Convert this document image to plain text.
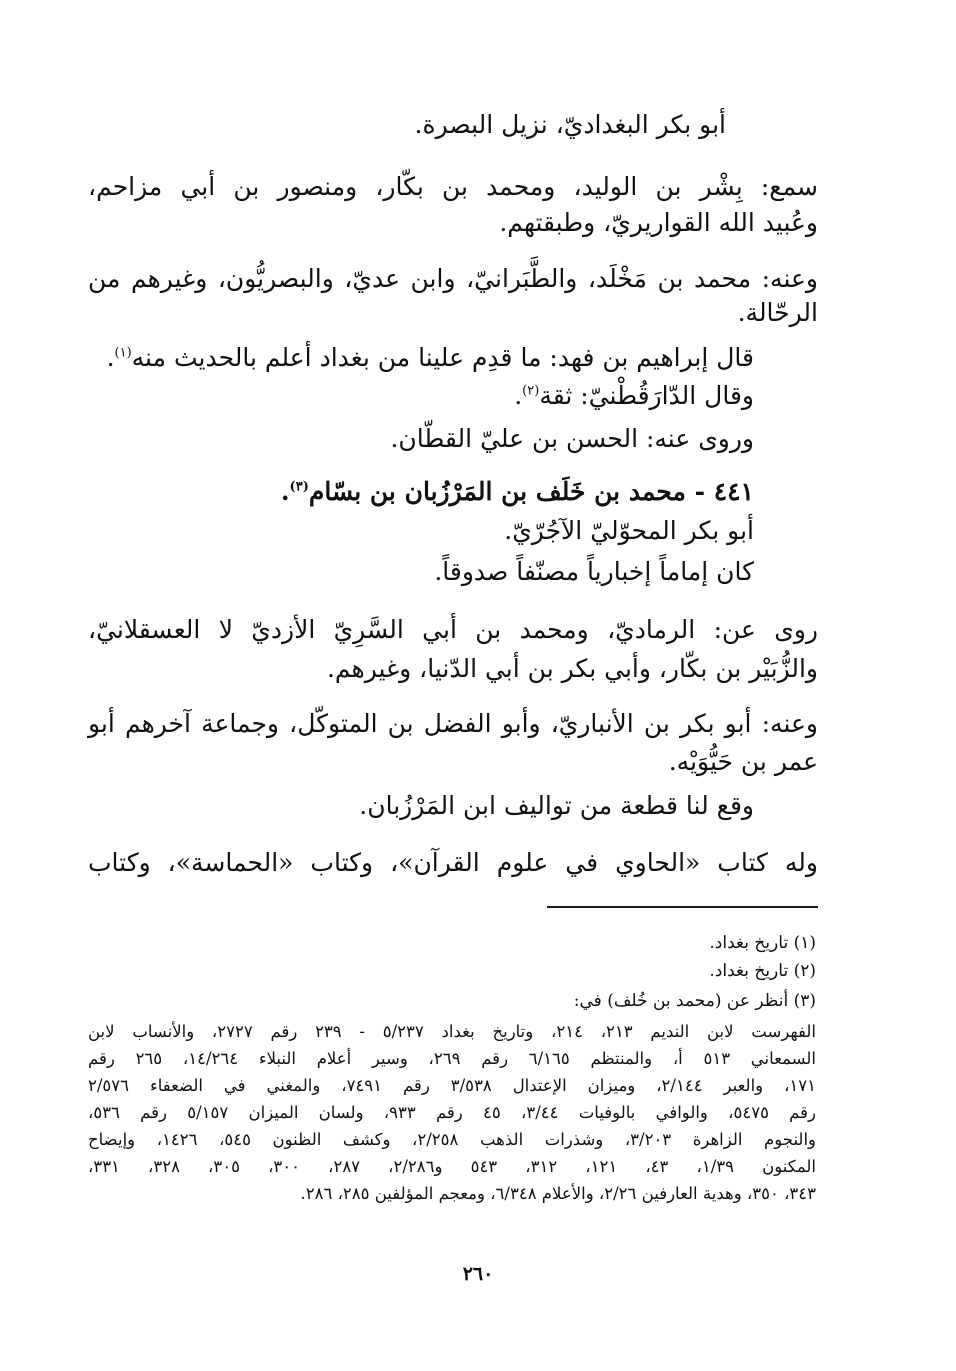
أبو بكر البغداديّ، نزيل البصرة.
سمع: بِشْر بن الوليد، ومحمد بن بكّار، ومنصور بن أبي مزاحم،
وعُبيد الله القواريريّ، وطبقتهم.
وعنه: محمد بن مَخْلَد، والطَّبَرانيّ، وابن عديّ، والبصريُّون، وغيرهم من
الرحّالة.
قال إبراهيم بن فهد: ما قدِم علينا من بغداد أعلم بالحديث منه$^{(١)}$.
وقال الدّارَقُطْنيّ: ثقة$^{(٢)}$.
وروى عنه: الحسن بن عليّ القطّان.
٤٤١ - محمد بن خَلَف بن المَرْزُبان بن بسّام$^{(٣)}$.
أبو بكر المحوّليّ الآجُرّيّ.
كان إماماً إخبارياً مصنّفاً صدوقاً.
روى عن: الرماديّ، ومحمد بن أبي السَّرِيّ الأزديّ لا العسقلانيّ،
والزُّبَيْر بن بكّار، وأبي بكر بن أبي الدّنيا، وغيرهم.
وعنه: أبو بكر بن الأنباريّ، وأبو الفضل بن المتوكّل، وجماعة آخرهم أبو
عمر بن حَيُّوَيْه.
وقع لنا قطعة من تواليف ابن المَرْزُبان.
وله كتاب «الحاوي في علوم القرآن»، وكتاب «الحماسة»، وكتاب
(١) تاريخ بغداد.
(٢) تاريخ بغداد.
(٣) أنظر عن (محمد بن خُلف) في:
الفهرست لابن النديم ٢١٣، ٢١٤، وتاريخ بغداد ٥/٢٣٧ - ٢٣٩ رقم ٢٧٢٧، والأنساب لابن
السمعاني ٥١٣ أ، والمنتظم ٦/١٦٥ رقم ٢٦٩، وسير أعلام النبلاء ١٤/٢٦٤، ٢٦٥ رقم
١٧١، والعبر ٢/١٤٤، وميزان الإعتدال ٣/٥٣٨ رقم ٧٤٩١، والمغني في الضعفاء ٢/٥٧٦
رقم ٥٤٧٥، والوافي بالوفيات ٣/٤٤، ٤٥ رقم ٩٣٣، ولسان الميزان ٥/١٥٧ رقم ٥٣٦،
والنجوم الزاهرة ٣/٢٠٣، وشذرات الذهب ٢/٢٥٨، وكشف الظنون ٥٤٥، ١٤٢٦، وإيضاح
المكنون ١/٣٩، ٤٣، ١٢١، ٣١٢، ٥٤٣ و٢/٢٨٦، ٢٨٧، ٣٠٠، ٣٠٥، ٣٢٨، ٣٣١،
٣٤٣، ٣٥٠، وهدية العارفين ٢/٢٦، والأعلام ٦/٣٤٨، ومعجم المؤلفين ٢٨٥، ٢٨٦.
٢٦٠
